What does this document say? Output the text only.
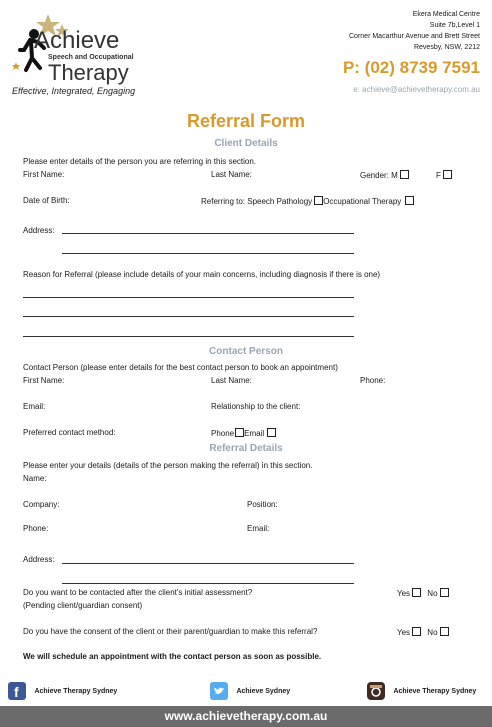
Achieve
Speech and Occupational
Therapy
Effective, Integrated, Engaging
Ekera Medical Centre
Suite 7b,Level 1
Corner Macarthur Avenue and Brett Street
Revesby, NSW, 2212
P: (02) 8739 7591
e: achieve@achievetherapy.com.au
Referral Form
Client Details
Please enter details of the person you are referring in this section.
First Name:	Last Name:	Gender: M	F
Date of Birth:	Referring to: Speech Pathology Occupational Therapy
Address:
Reason for Referral (please include details of your main concerns, including diagnosis if there is one)
Contact Person
Contact Person (please enter details for the best contact person to book an appointment)
First Name:	Last Name:	Phone:
Email:	Relationship to the client:
Preferred contact method:	Phone Email
Referral Details
Please enter your details (details of the person making the referral) in this section.
Name:
Company:	Position:
Phone:	Email:
Address:
Do you want to be contacted after the client's initial assessment?
(Pending client/guardian consent)
Yes No
Do you have the consent of the client or their parent/guardian to make this referral?	Yes No
We will schedule an appointment with the contact person as soon as possible.
f Achieve Therapy Sydney	Achieve Sydney	Achieve Therapy Sydney
www.achievetherapy.com.au
